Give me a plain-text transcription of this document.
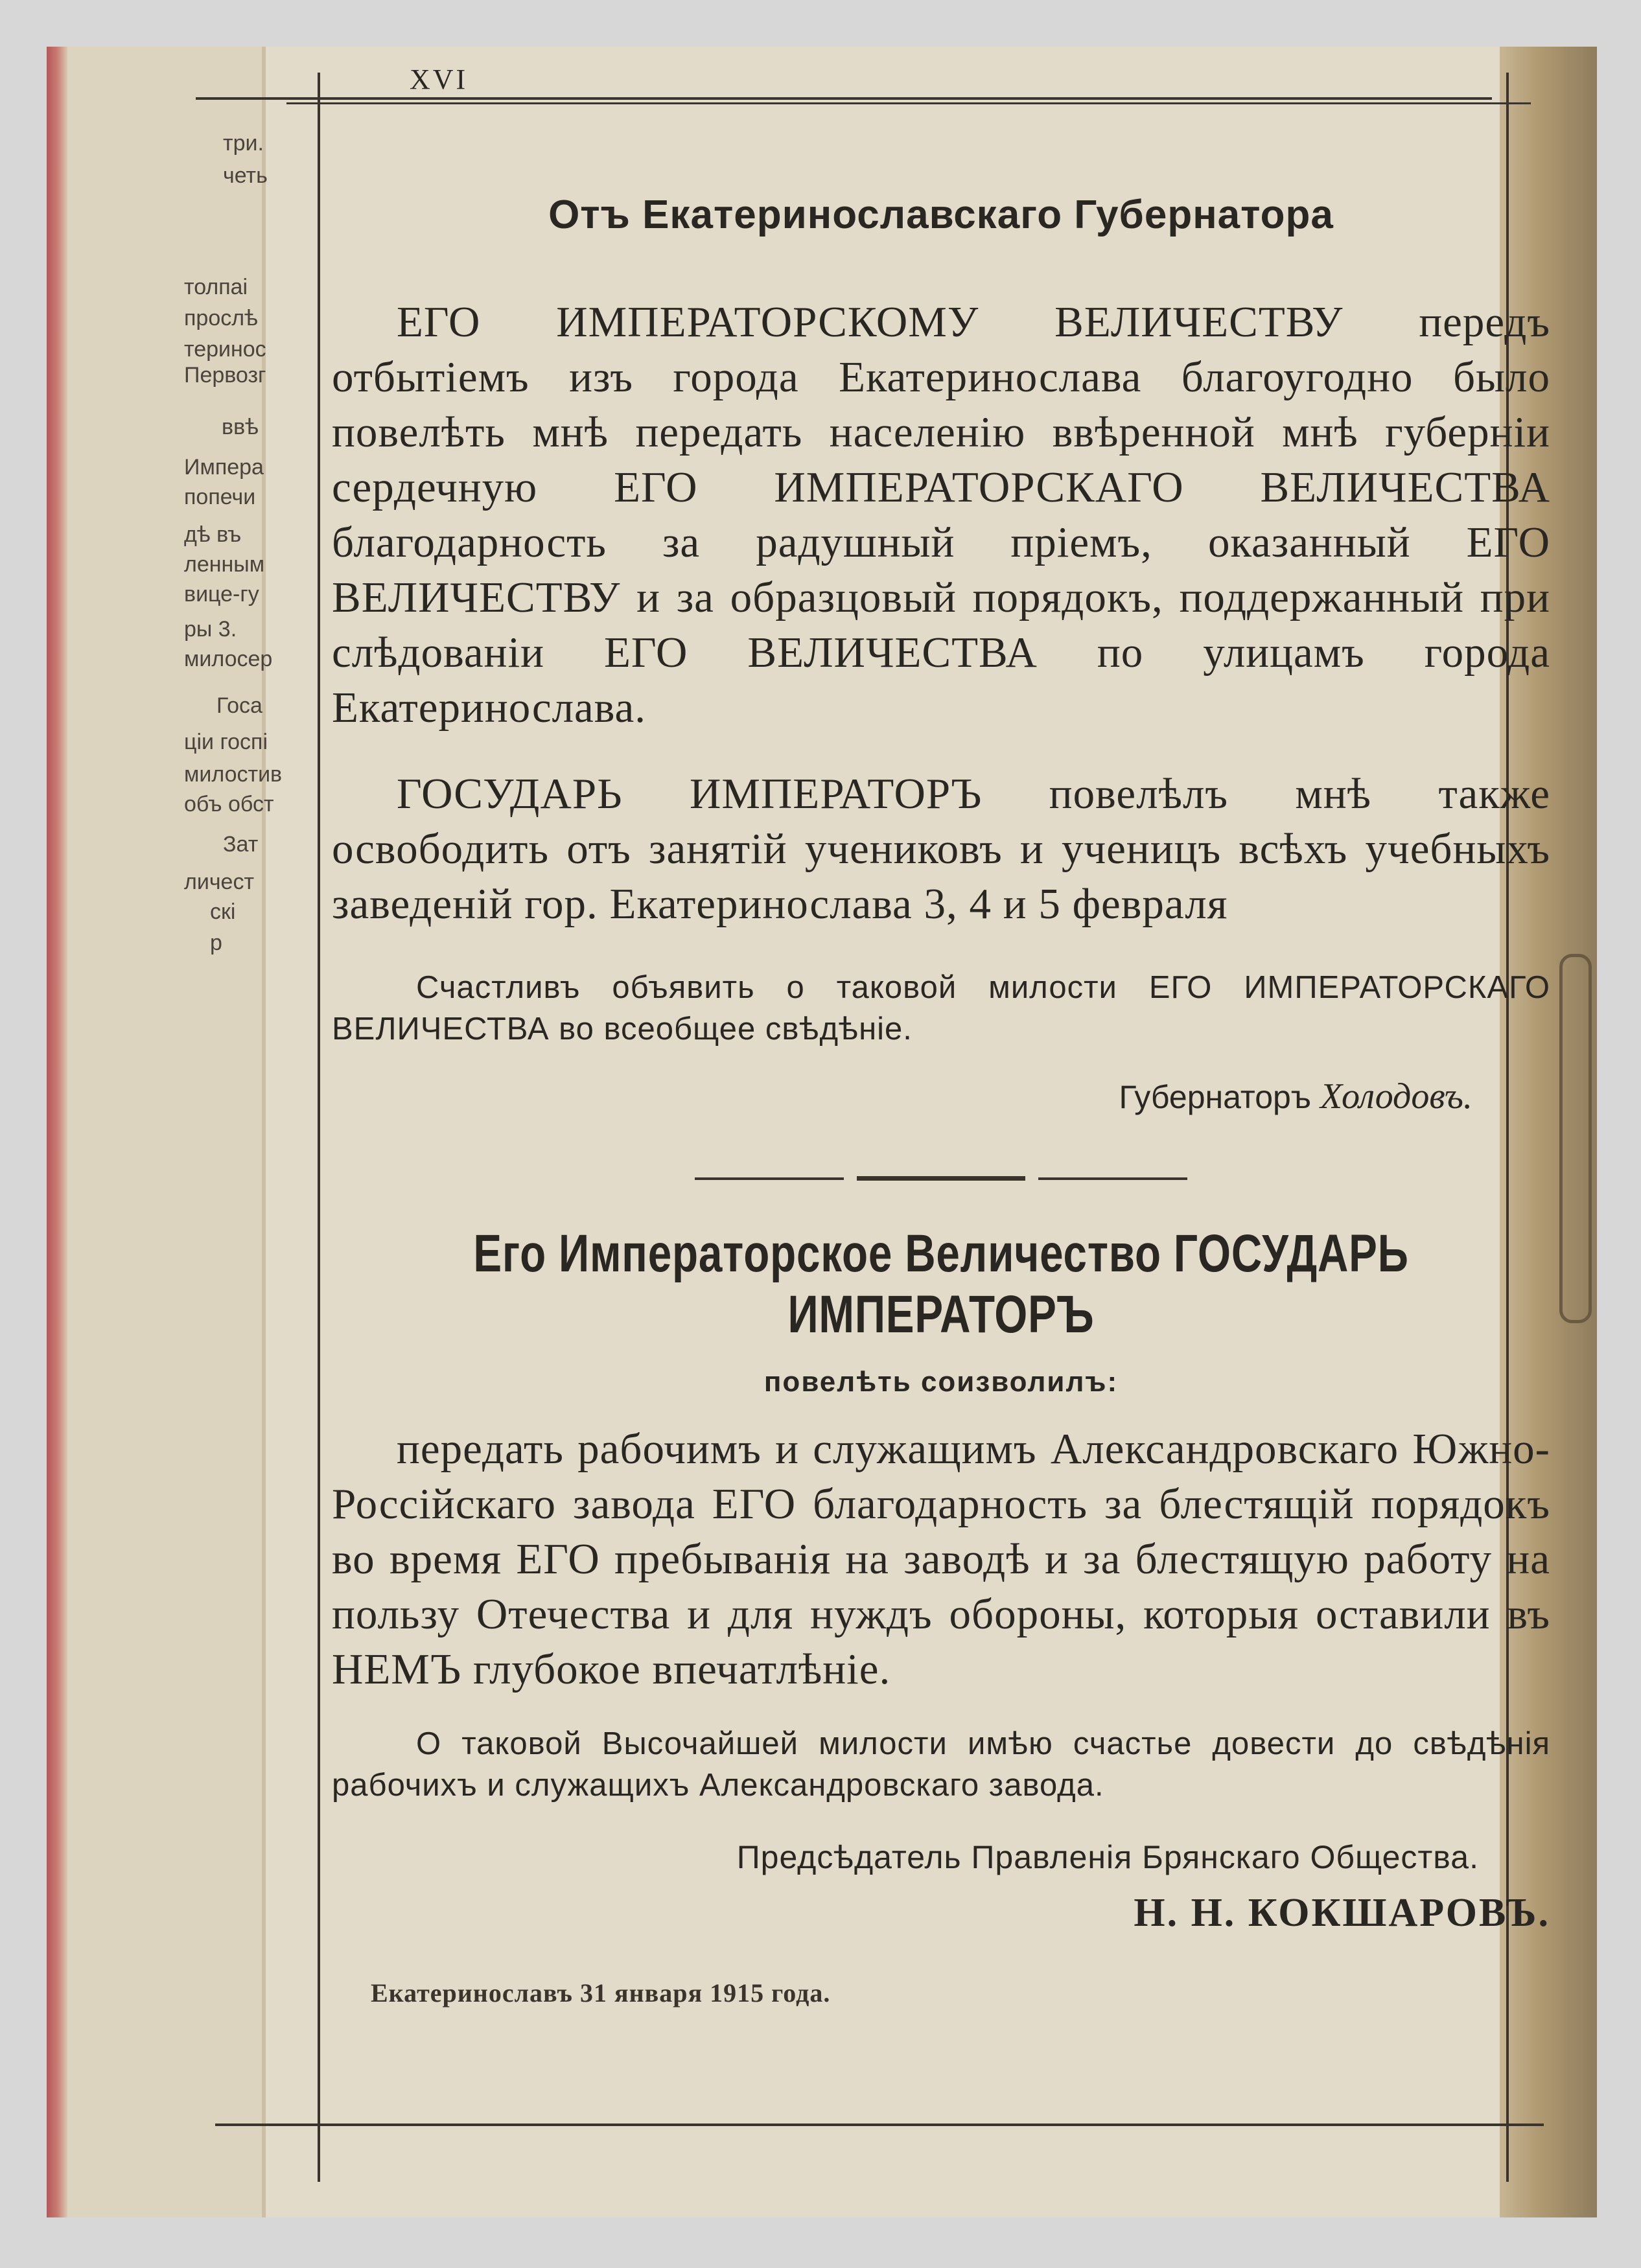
три.
четь
толпаі
прослѣ
теринос
Первозг
ввѣ
Импера
попечи
дѣ въ
ленным
вице-гу
ры 3.
милосер
Госа
ціи госпі
милостив
объ обст
Зат
личест
скі
р
XVI
Отъ Екатеринославскаго Губернатора

ЕГО ИМПЕРАТОРСКОМУ ВЕЛИЧЕСТВУ передъ отбытіемъ изъ города Екатеринослава благоугодно было повелѣть мнѣ передать населенію ввѣренной мнѣ губерніи сердечную ЕГО ИМПЕРАТОРСКАГО ВЕЛИЧЕСТВА благодарность за радушный пріемъ, оказанный ЕГО ВЕЛИЧЕСТВУ и за образцовый порядокъ, поддержанный при слѣдованіи ЕГО ВЕЛИЧЕСТВА по улицамъ города Екатеринослава.

ГОСУДАРЬ ИМПЕРАТОРЪ повелѣлъ мнѣ также освободить отъ занятій учениковъ и ученицъ всѣхъ учебныхъ заведеній гор. Екатеринослава 3, 4 и 5 февраля

Счастливъ объявить о таковой милости ЕГО ИМПЕРАТОРСКАГО ВЕЛИЧЕСТВА во всеобщее свѣдѣніе.

Губернаторъ Холодовъ.
Его Императорское Величество ГОСУДАРЬ ИМПЕРАТОРЪ
повелѣть соизволилъ:

передать рабочимъ и служащимъ Александровскаго Южно-Россійскаго завода ЕГО благодарность за блестящій порядокъ во время ЕГО пребыванія на заводѣ и за блестящую работу на пользу Отечества и для нуждъ обороны, которыя оставили въ НЕМЪ глубокое впечатлѣніе.

О таковой Высочайшей милости имѣю счастье довести до свѣдѣнія рабочихъ и служащихъ Александровскаго завода.

Предсѣдатель Правленія Брянскаго Общества.
Н. Н. КОКШАРОВЪ.
Екатеринославъ 31 января 1915 года.
